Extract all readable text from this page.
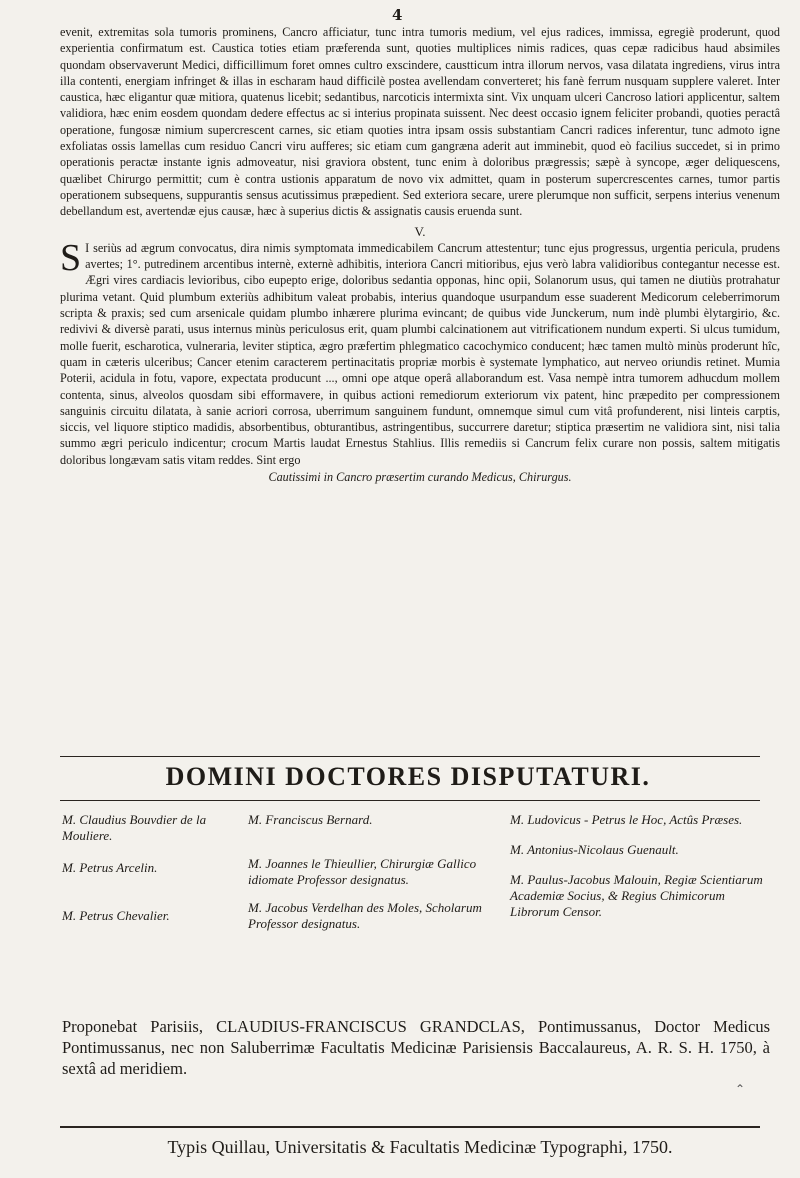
4

evenit, extremitas sola tumoris prominens, Cancro afficiatur, tunc intra tumoris medium, vel ejus radices, immissa, egregiè proderunt, quod experientia confirmatum est. Caustica toties etiam præferenda sunt, quoties multiplices nimis radices, quas cepæ radicibus haud absimiles quondam observaverunt Medici, difficillimum foret omnes cultro exscindere, caustticum intra illorum nervos, vasa dilatata ingrediens, virus intra illa contenti, energiam infringet & illas in escharam haud difficilè postea avellendam converteret; his fanè ferrum nusquam supplere valeret. Inter caustica, hæc eligantur quæ mitiora, quatenus licebit; sedantibus, narcoticis intermixta sint. Vix unquam ulceri Cancroso latiori applicentur, saltem validiora, hæc enim eosdem quondam dedere effectus ac si interius propinata suissent. Nec deest occasio ignem feliciter probandi, quoties peractâ operatione, fungosæ nimium supercrescent carnes, sic etiam quoties intra ipsam ossis substantiam Cancri radices inferentur, tunc admoto igne exfoliatas ossis lamellas cum residuo Cancri viru aufferes; sic etiam cum gangræna aderit aut imminebit, quod eò facilius succedet, si in primo operationis peractæ instante ignis admoveatur, nisi graviora obstent, tunc enim à doloribus prægressis; sæpè à syncope, æger deliquescens, quælibet Chirurgo permittit; cum è contra ustionis apparatum de novo vix admittet, quam in posterum supercrescentes carnes, tumor partis operationem subsequens, suppurantis sensus acutissimus præpedient. Sed exteriora secare, urere plerumque non sufficit, serpens interius venenum debellandum est, avertendæ ejus causæ, hæc à superius dictis & assignatis causis eruenda sunt.

V.

S I seriùs ad ægrum convocatus, dira nimis symptomata immedicabilem Cancrum attestentur; tunc ejus progressus, urgentia pericula, prudens avertes; 1°. putredinem arcentibus internè, externè adhibitis, interiora Cancri mitioribus, ejus verò labra validioribus contegantur necesse est. Ægri vires cardiacis levioribus, cibo eupepto erige, doloribus sedantia opponas, hinc opii, Solanorum usus, qui tamen ne diutiùs protrahatur plurima vetant. Quid plumbum exteriùs adhibitum valeat probabis, interius quandoque usurpandum esse suaderent Medicorum celeberrimorum scripta & praxis; sed cum arsenicale quidam plumbo inhærere plurima evincant; de quibus vide Junckerum, num indè plumbi èlytargirio, &c. redivivi & diversè parati, usus internus minùs periculosus erit, quam plumbi calcinationem aut vitrificationem nundum experti. Si ulcus tumidum, molle fuerit, escharotica, vulneraria, leviter stiptica, ægro præfertim phlegmatico cacochymico conducent; hæc tamen multò minùs proderunt hîc, quam in cæteris ulceribus; Cancer etenim caracterem pertinacitatis propriæ morbis è systemate lymphatico, aut nerveo oriundis retinet. Mumia Poterii, acidula in fotu, vapore, expectata producunt ..., omni ope atque operâ allaborandum est. Vasa nempè intra tumorem adhucdum mollem contenta, sinus, alveolos quosdam sibi efformavere, in quibus actioni remediorum exteriorum vix patent, hinc præpedito per compressionem sanguinis circuitu dilatata, à sanie acriori corrosa, uberrimum sanguinem fundunt, omnemque simul cum vitâ profunderent, nisi linteis carptis, siccis, vel liquore stiptico madidis, absorbentibus, obturantibus, astringentibus, succurrere daretur; stiptica præsertim ne validiora sint, nisi talia summo ægri periculo indicentur; crocum Martis laudat Ernestus Stahlius. Illis remediis si Cancrum felix curare non possis, saltem mitigatis doloribus longævam satis vitam reddes. Sint ergo

Cautissimi in Cancro præsertim curando Medicus, Chirurgus.
DOMINI DOCTORES DISPUTATURI.
M. Claudius Bouvdier de la Mouliere.
M. Petrus Arcelin.
M. Petrus Chevalier.
M. Franciscus Bernard.
M. Joannes le Thieullier, Chirurgiæ Gallico idiomate Professor designatus.
M. Jacobus Verdelhan des Moles, Scholarum Professor designatus.
M. Ludovicus - Petrus le Hoc, Actûs Præses.
M. Antonius-Nicolaus Guenault.
M. Paulus-Jacobus Malouin, Regiæ Scientiarum Academiæ Socius, & Regius Chimicorum Librorum Censor.
Proponebat Parisiis, CLAUDIUS-FRANCISCUS GRANDCLAS, Pontimussanus, Doctor Medicus Pontimussanus, nec non Saluberrimæ Facultatis Medicinæ Parisiensis Baccalaureus, A. R. S. H. 1750, à sextâ ad meridiem.
⌃
Typis Quillau, Universitatis & Facultatis Medicinæ Typographi, 1750.
